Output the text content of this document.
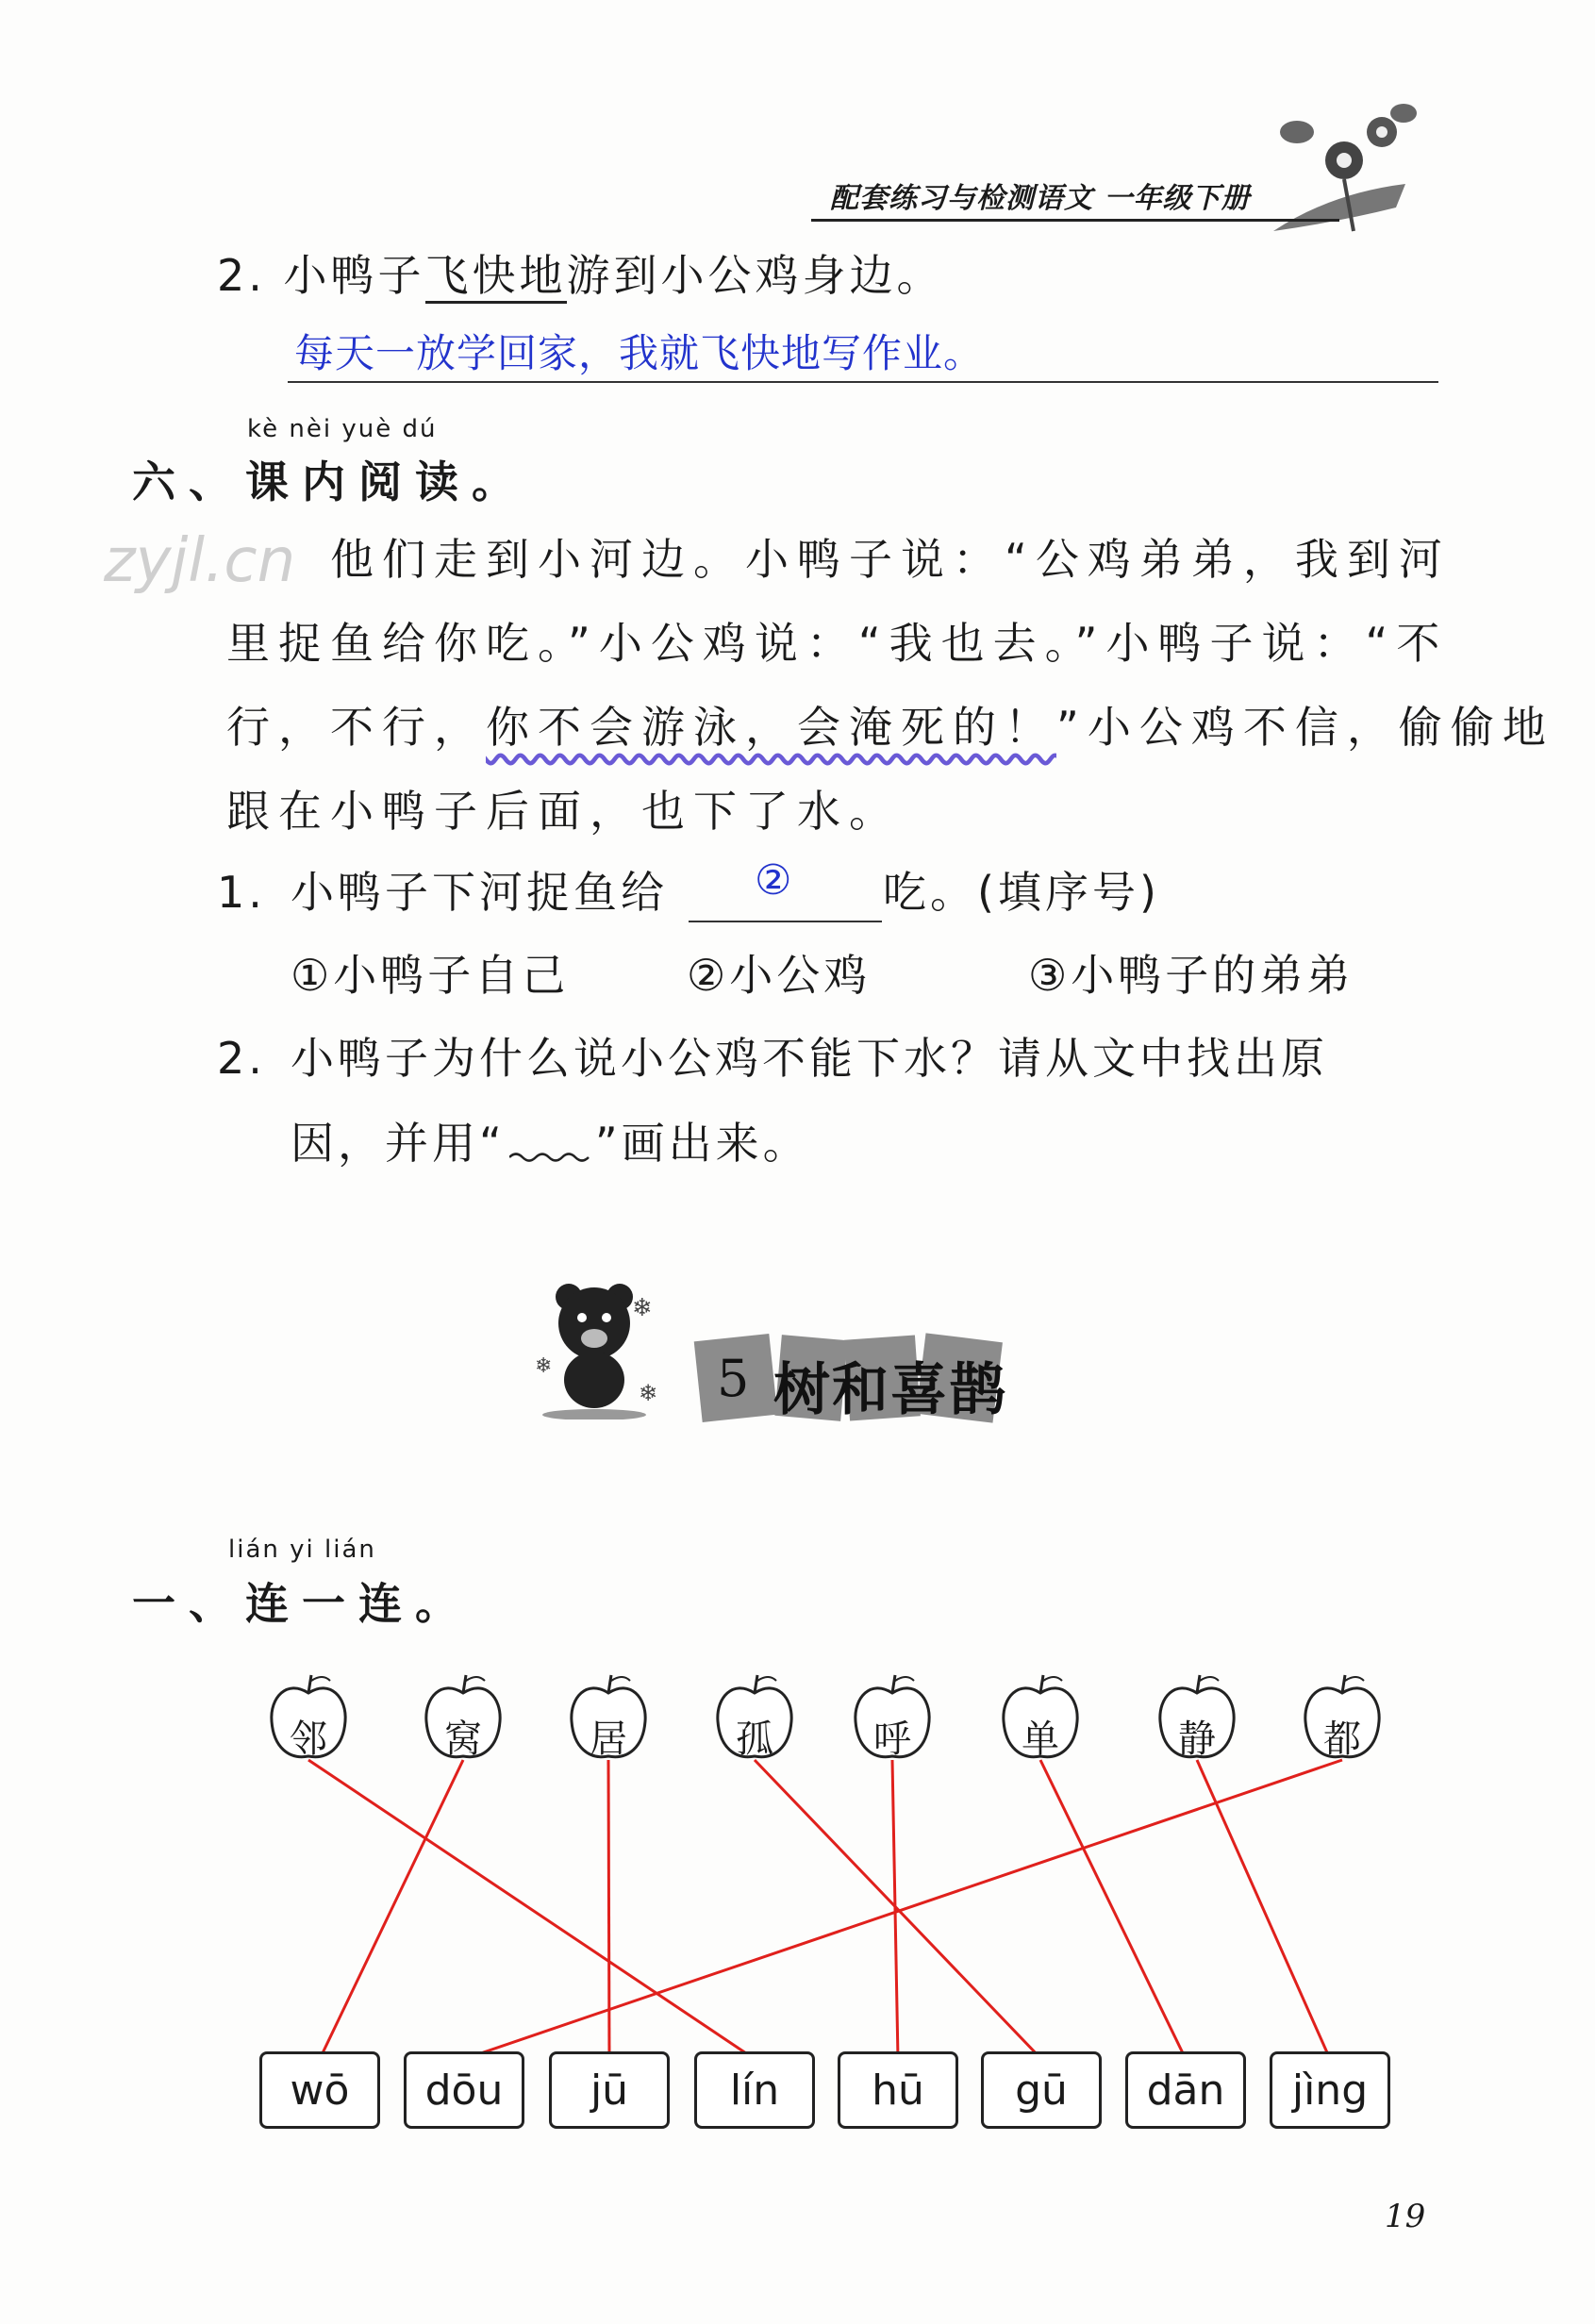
配套练习与检测语文 一年级下册
2. 小鸭子飞快地游到小公鸡身边。
每天一放学回家，我就飞快地写作业。
kè nèi yuè dú
六、课内阅读。
zyjl.cn 他们走到小河边。小鸭子说：“公鸡弟弟，我到河
里捉鱼给你吃。”小公鸡说：“我也去。”小鸭子说：“不
行，不行，你不会游泳，会淹死的！”小公鸡不信，偷偷地
跟在小鸭子后面，也下了水。
1. 小鸭子下河捉鱼给 ② 吃。(填序号)
①小鸭子自己	②小公鸡	③小鸭子的弟弟
2. 小鸭子为什么说小公鸡不能下水？请从文中找出原
因，并用“ ”画出来。
❄
❄
❄ 5 树和喜鹊
lián yi lián
一、连一连。
邻	窝	居	孤	呼	单	静	都
wō	dōu	jū	lín	hū	gū	dān	jìng
19
